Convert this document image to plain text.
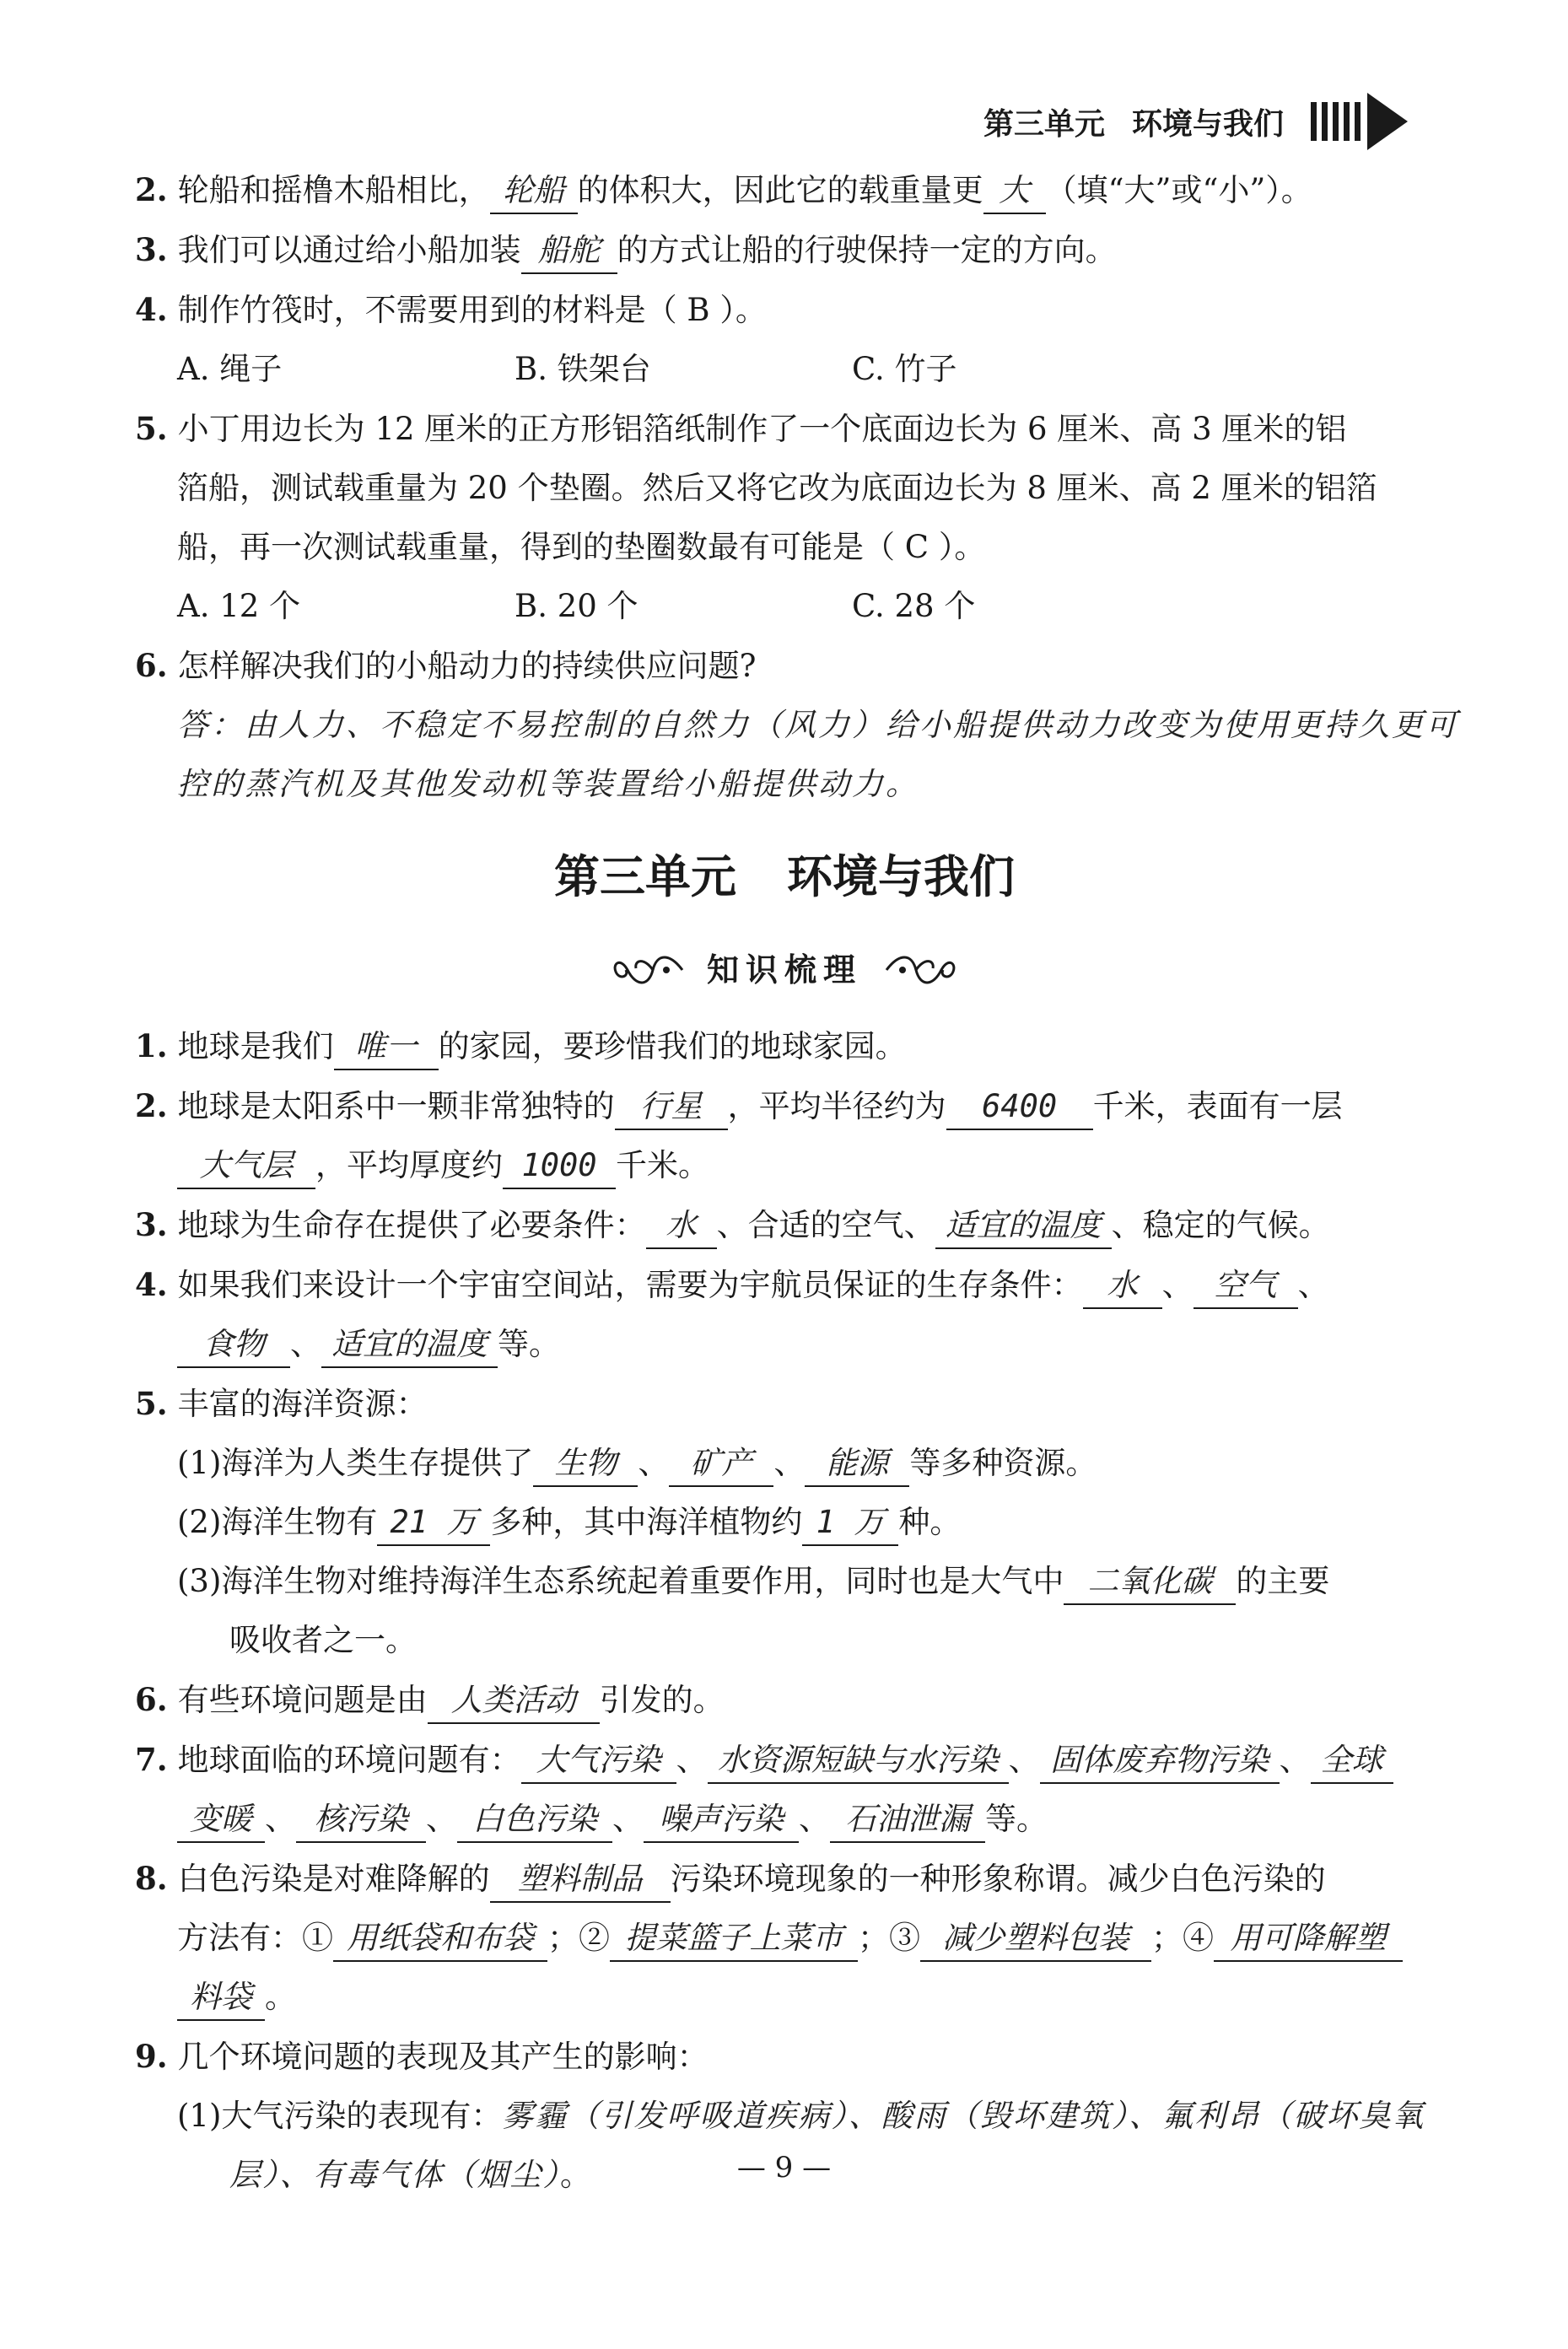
第三单元 环境与我们
2. 轮船和摇橹木船相比， 轮船 的体积大，因此它的载重量更 大 （填“大”或“小”）。
3. 我们可以通过给小船加装 船舵 的方式让船的行驶保持一定的方向。
4. 制作竹筏时，不需要用到的材料是（ B ）。
A. 绳子	B. 铁架台	C. 竹子
5. 小丁用边长为 12 厘米的正方形铝箔纸制作了一个底面边长为 6 厘米、高 3 厘米的铝
箔船，测试载重量为 20 个垫圈。然后又将它改为底面边长为 8 厘米、高 2 厘米的铝箔
船，再一次测试载重量，得到的垫圈数最有可能是（ C ）。
A. 12 个	B. 20 个	C. 28 个
6. 怎样解决我们的小船动力的持续供应问题?
答：由人力、不稳定不易控制的自然力（风力）给小船提供动力改变为使用更持久更可
控的蒸汽机及其他发动机等装置给小船提供动力。
第三单元 环境与我们
知识梳理
1. 地球是我们 唯一 的家园，要珍惜我们的地球家园。
2. 地球是太阳系中一颗非常独特的 行星 ，平均半径约为 6400 千米，表面有一层
大气层 ，平均厚度约 1000 千米。
3. 地球为生命存在提供了必要条件： 水 、合适的空气、 适宜的温度 、稳定的气候。
4. 如果我们来设计一个宇宙空间站，需要为宇航员保证的生存条件： 水 、 空气 、
食物 、 适宜的温度 等。
5. 丰富的海洋资源：
(1)海洋为人类生存提供了 生物 、 矿产 、 能源 等多种资源。
(2)海洋生物有 21 万 多种，其中海洋植物约 1 万 种。
(3)海洋生物对维持海洋生态系统起着重要作用，同时也是大气中 二氧化碳 的主要
吸收者之一。
6. 有些环境问题是由 人类活动 引发的。
7. 地球面临的环境问题有： 大气污染 、 水资源短缺与水污染 、 固体废弃物污染 、 全球
变暖 、 核污染 、 白色污染 、 噪声污染 、 石油泄漏 等。
8. 白色污染是对难降解的 塑料制品 污染环境现象的一种形象称谓。减少白色污染的
方法有：① 用纸袋和布袋 ；② 提菜篮子上菜市 ；③ 减少塑料包装 ；④ 用可降解塑
料袋 。
9. 几个环境问题的表现及其产生的影响：
(1)大气污染的表现有：雾霾（引发呼吸道疾病）、酸雨（毁坏建筑）、氟利昂（破坏臭氧
层）、有毒气体（烟尘）。	— 9 —
